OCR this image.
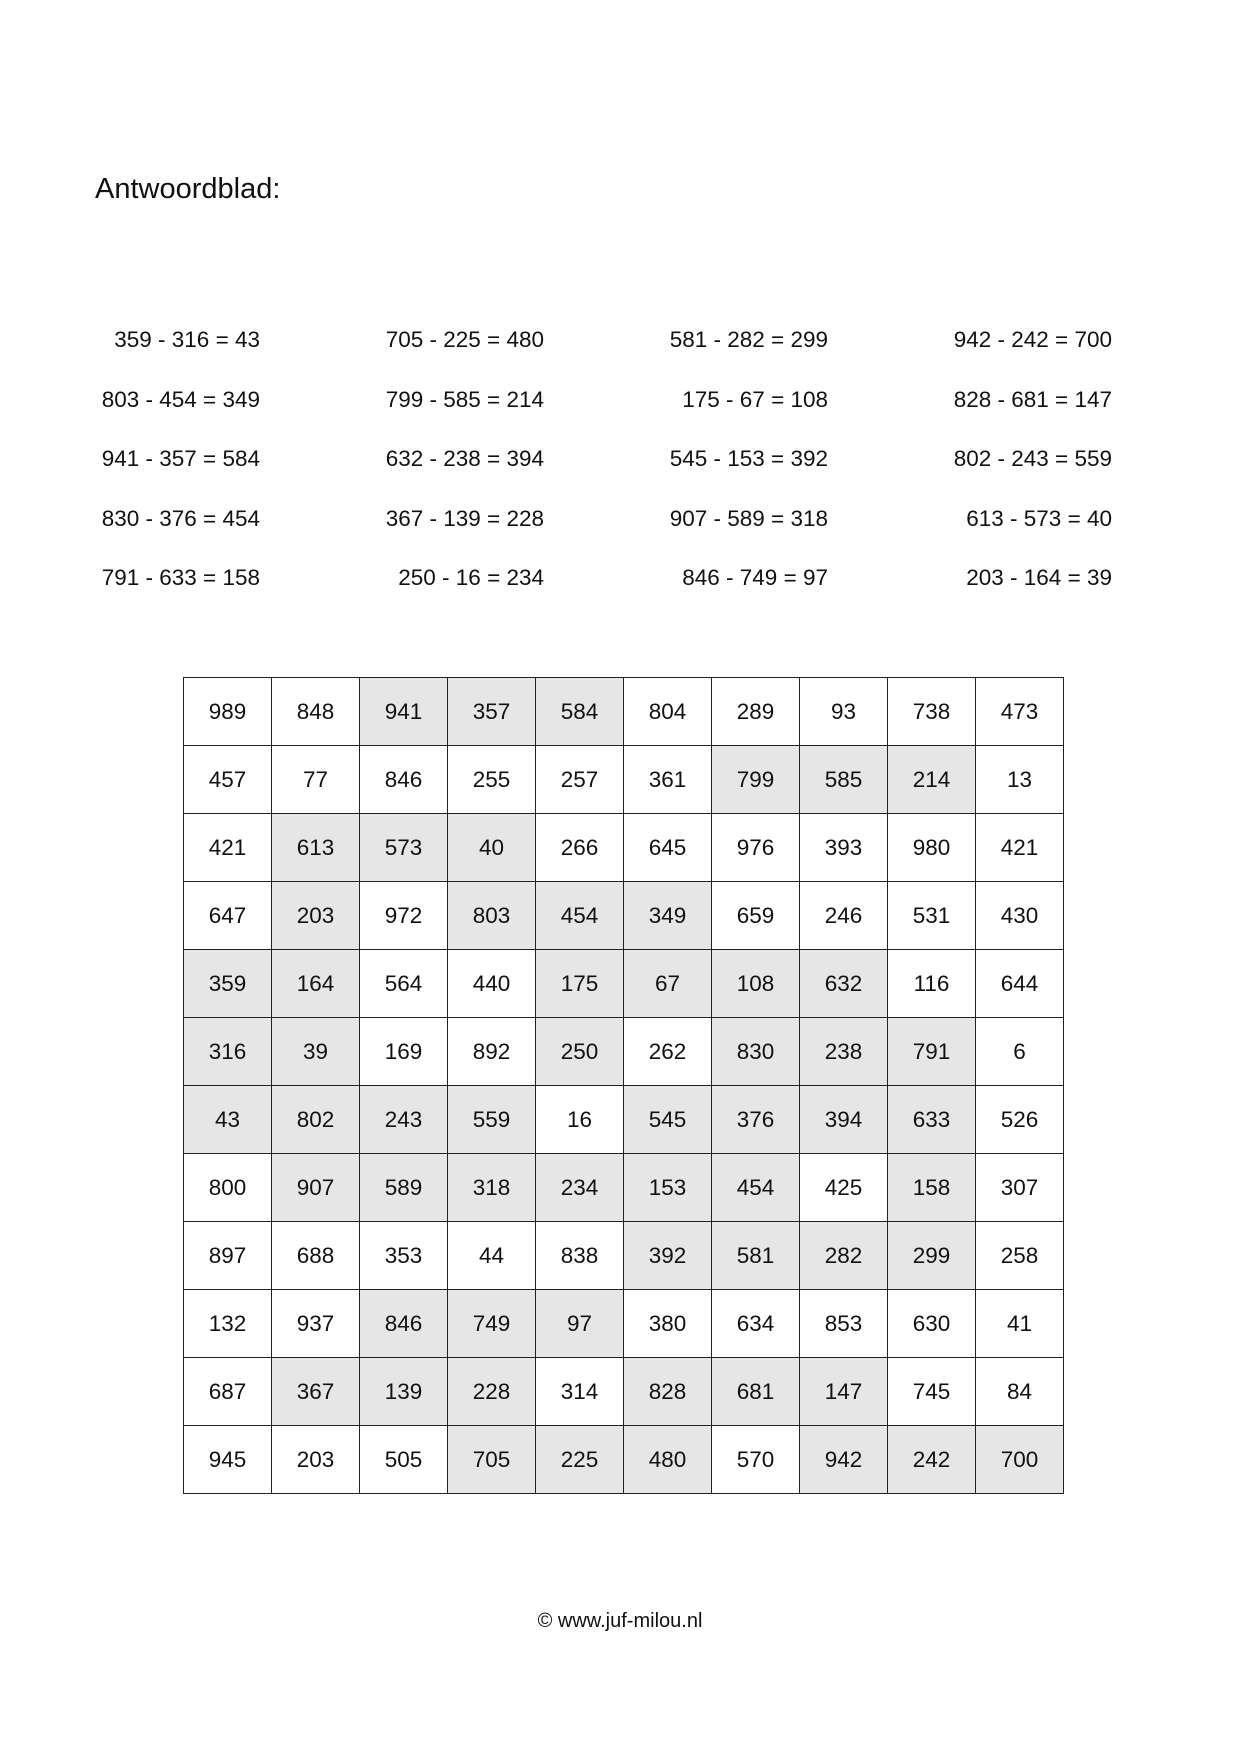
Antwoordblad:
359 - 316 = 43	705 - 225 = 480	581 - 282 = 299	942 - 242 = 700
803 - 454 = 349	799 - 585 = 214	175 - 67 = 108	828 - 681 = 147
941 - 357 = 584	632 - 238 = 394	545 - 153 = 392	802 - 243 = 559
830 - 376 = 454	367 - 139 = 228	907 - 589 = 318	613 - 573 = 40
791 - 633 = 158	250 - 16 = 234	846 - 749 = 97	203 - 164 = 39
989	848	941	357	584	804	289	93	738	473
457	77	846	255	257	361	799	585	214	13
421	613	573	40	266	645	976	393	980	421
647	203	972	803	454	349	659	246	531	430
359	164	564	440	175	67	108	632	116	644
316	39	169	892	250	262	830	238	791	6
43	802	243	559	16	545	376	394	633	526
800	907	589	318	234	153	454	425	158	307
897	688	353	44	838	392	581	282	299	258
132	937	846	749	97	380	634	853	630	41
687	367	139	228	314	828	681	147	745	84
945	203	505	705	225	480	570	942	242	700
© www.juf-milou.nl
